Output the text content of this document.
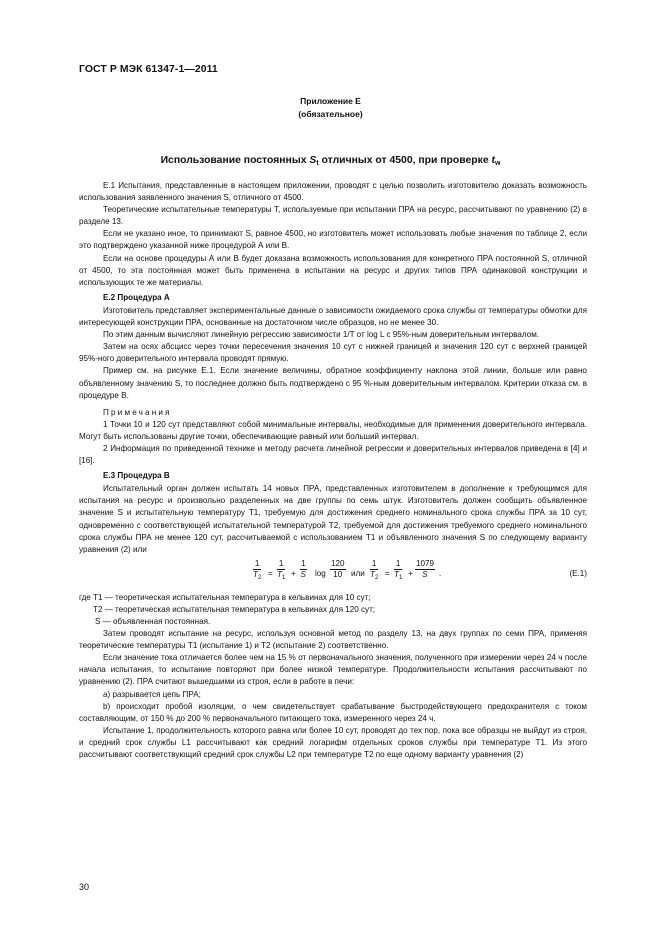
ГОСТ Р МЭК 61347-1—2011
Приложение E
(обязательное)
Использование постоянных $S_t$ отличных от 4500, при проверке $t_w$

Е.1 Испытания, представленные в настоящем приложении, проводят с целью позволить изготовителю доказать возможность использования заявленного значения S, отличного от 4500.

Теоретические испытательные температуры T, используемые при испытании ПРА на ресурс, рассчитывают по уравнению (2) в разделе 13.

Если не указано иное, то принимают S, равное 4500, но изготовитель может использовать любые значения по таблице 2, если это подтверждено указанной ниже процедурой А или В.

Если на основе процедуры А или В будет доказана возможность использования для конкретного ПРА постоянной S, отличной от 4500, то эта постоянная может быть применена в испытании на ресурс и других типов ПРА одинаковой конструкции и использующих те же материалы.

Е.2 Процедура А

Изготовитель представляет экспериментальные данные о зависимости ожидаемого срока службы от температуры обмотки для интересующей конструкции ПРА, основанные на достаточном числе образцов, но не менее 30.

По этим данным вычисляют линейную регрессию зависимости 1/T от log L с 95%-ным доверительным интервалом.

Затем на осях абсцисс через точки пересечения значения 10 сут с нижней границей и значения 120 сут с верхней границей 95%-ного доверительного интервала проводят прямую.

Пример см. на рисунке Е.1. Если значение величины, обратное коэффициенту наклона этой линии, больше или равно объявленному значению S, то последнее должно быть подтверждено с 95 %-ным доверительным интервалом. Критерии отказа см. в процедуре В.

Примечания

1 Точки 10 и 120 сут представляют собой минимальные интервалы, необходимые для применения доверительного интервала. Могут быть использованы другие точки, обеспечивающие равный или больший интервал.

2 Информация по приведенной технике и методу расчета линейной регрессии и доверительных интервалов приведена в [4] и [16].

Е.3 Процедура В

Испытательный орган должен испытать 14 новых ПРА, представленных изготовителем в дополнение к требующимся для испытания на ресурс и произвольно разделенных на две группы по семь штук. Изготовитель должен сообщить объявленное значение S и испытательную температуру T1, требуемую для достижения среднего номинального срока службы ПРА за 10 сут, одновременно с соответствующей испытательной температурой T2, требуемой для достижения требуемого среднего номинального срока службы ПРА не менее 120 сут, рассчитываемой с использованием T1 и объявленного значения S по следующему варианту уравнения (2) или

$\frac{1}{T_2} = \frac{1}{T_1} + \frac{1}{S}$ $\log \frac{120}{10}$ или $\frac{1}{T_2} = \frac{1}{T_1} + \frac{1079}{S}$ .	(Е.1)
где T1 — теоретическая испытательная температура в кельвинах для 10 сут;
T2 — теоретическая испытательная температура в кельвинах для 120 сут;
S — объявленная постоянная.

Затем проводят испытание на ресурс, используя основной метод по разделу 13, на двух группах по семи ПРА, применяя теоретические температуры T1 (испытание 1) и T2 (испытание 2) соответственно.

Если значение тока отличается более чем на 15 % от первоначального значения, полученного при измерении через 24 ч после начала испытания, то испытание повторяют при более низкой температуре. Продолжительности испытания рассчитывают по уравнению (2). ПРА считают вышедшими из строя, если в работе в печи:

а) разрывается цепь ПРА;

b) происходит пробой изоляции, о чем свидетельствует срабатывание быстродействующего предохранителя с током составляющим, от 150 % до 200 % первоначального питающего тока, измеренного через 24 ч.

Испытание 1, продолжительность которого равна или более 10 сут, проводят до тех пор, пока все образцы не выйдут из строя, и средний срок службы L1 рассчитывают как средний логарифм отдельных сроков службы при температуре T1. Из этого рассчитывают соответствующий средний срок службы L2 при температуре T2 по еще одному варианту уравнения (2)

30
